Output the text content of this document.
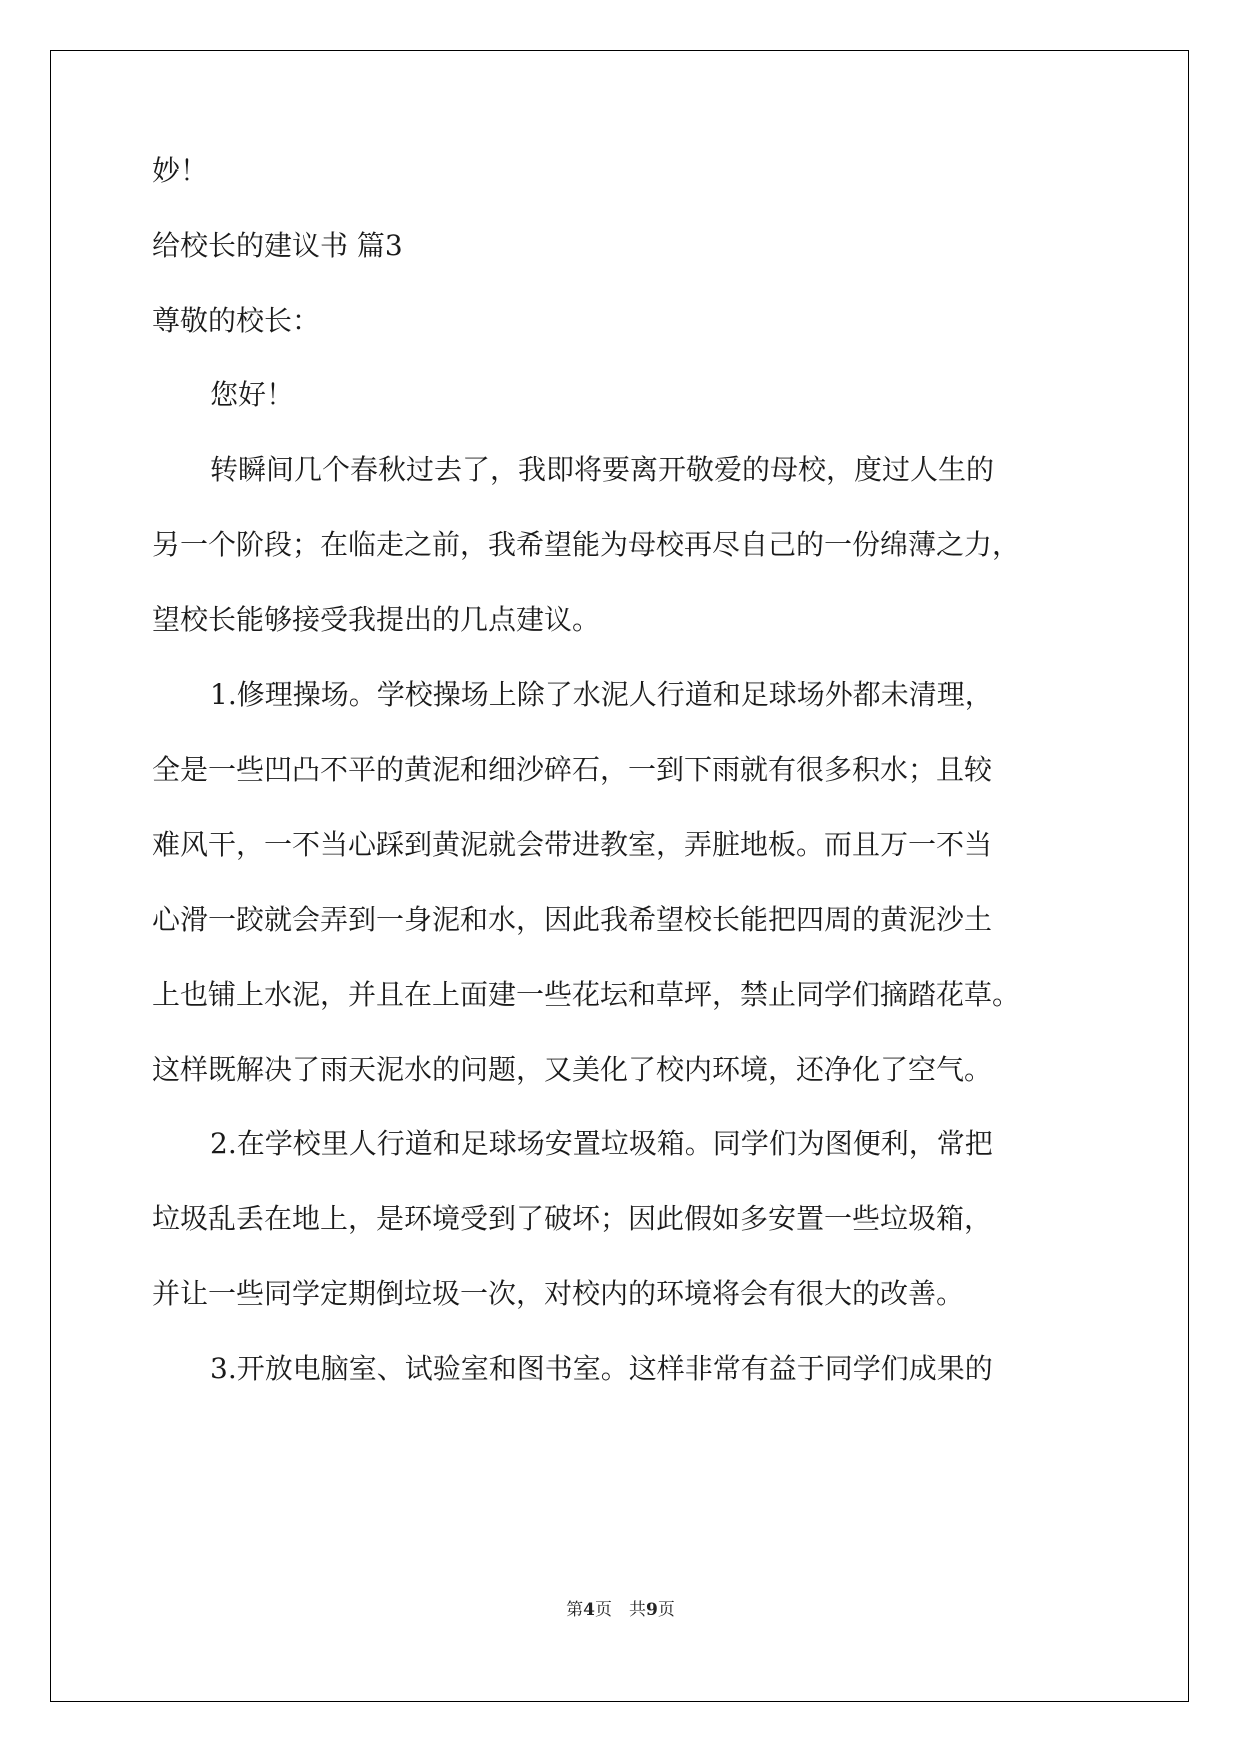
妙！
给校长的建议书 篇3
尊敬的校长：
您好！
转瞬间几个春秋过去了，我即将要离开敬爱的母校，度过人生的
另一个阶段；在临走之前，我希望能为母校再尽自己的一份绵薄之力，
望校长能够接受我提出的几点建议。
1.修理操场。学校操场上除了水泥人行道和足球场外都未清理，
全是一些凹凸不平的黄泥和细沙碎石，一到下雨就有很多积水；且较
难风干，一不当心踩到黄泥就会带进教室，弄脏地板。而且万一不当
心滑一跤就会弄到一身泥和水，因此我希望校长能把四周的黄泥沙土
上也铺上水泥，并且在上面建一些花坛和草坪，禁止同学们摘踏花草。
这样既解决了雨天泥水的问题，又美化了校内环境，还净化了空气。
2.在学校里人行道和足球场安置垃圾箱。同学们为图便利，常把
垃圾乱丢在地上，是环境受到了破坏；因此假如多安置一些垃圾箱，
并让一些同学定期倒垃圾一次，对校内的环境将会有很大的改善。
3.开放电脑室、试验室和图书室。这样非常有益于同学们成果的
第4页　共9页
